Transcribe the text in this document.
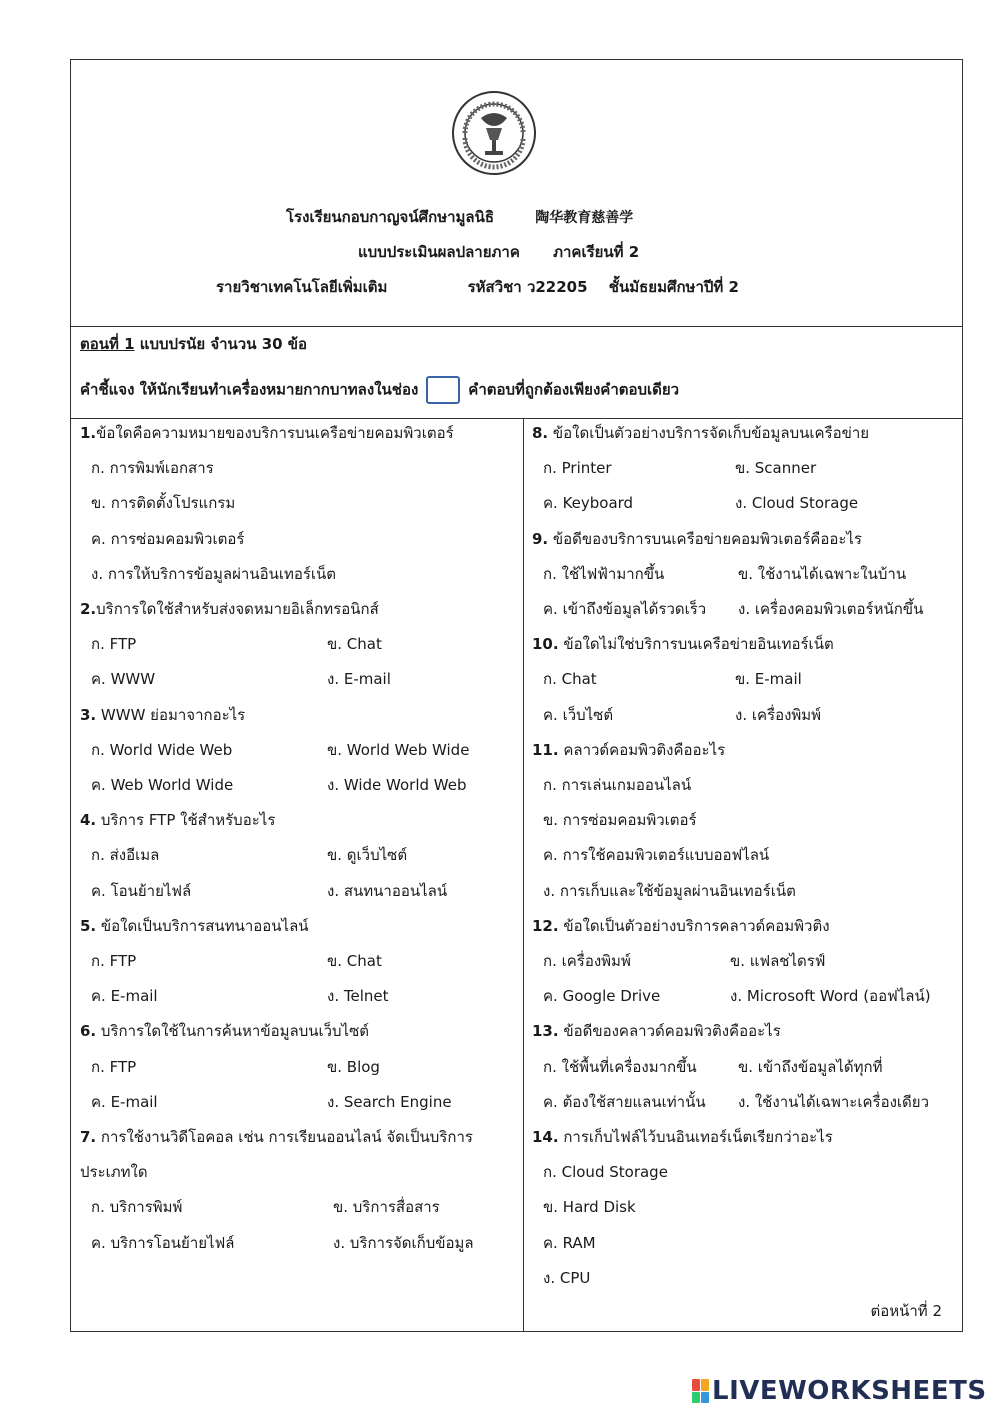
โรงเรียนกอบกาญจน์ศึกษามูลนิธิ	陶华教育慈善学
แบบประเมินผลปลายภาค ภาคเรียนที่ 2
รายวิชาเทคโนโลยีเพิ่มเติม	รหัสวิชา ว22205 ชั้นมัธยมศึกษาปีที่ 2
ตอนที่ 1 แบบปรนัย จำนวน 30 ข้อ
คำชี้แจง ให้นักเรียนทำเครื่องหมายกากบาทลงในช่อง	คำตอบที่ถูกต้องเพียงคำตอบเดียว
1.ข้อใดคือความหมายของบริการบนเครือข่ายคอมพิวเตอร์
ก. การพิมพ์เอกสาร
ข. การติดตั้งโปรแกรม
ค. การซ่อมคอมพิวเตอร์
ง. การให้บริการข้อมูลผ่านอินเทอร์เน็ต
2.บริการใดใช้สำหรับส่งจดหมายอิเล็กทรอนิกส์
ก. FTP	ข. Chat
ค. WWW	ง. E-mail
3. WWW ย่อมาจากอะไร
ก. World Wide Web	ข. World Web Wide
ค. Web World Wide	ง. Wide World Web
4. บริการ FTP ใช้สำหรับอะไร
ก. ส่งอีเมล	ข. ดูเว็บไซต์
ค. โอนย้ายไฟล์	ง. สนทนาออนไลน์
5. ข้อใดเป็นบริการสนทนาออนไลน์
ก. FTP	ข. Chat
ค. E-mail	ง. Telnet
6. บริการใดใช้ในการค้นหาข้อมูลบนเว็บไซต์
ก. FTP	ข. Blog
ค. E-mail	ง. Search Engine
7. การใช้งานวิดีโอคอล เช่น การเรียนออนไลน์ จัดเป็นบริการ
ประเภทใด
ก. บริการพิมพ์	ข. บริการสื่อสาร
ค. บริการโอนย้ายไฟล์	ง. บริการจัดเก็บข้อมูล
ต่อหน้าที่ 2
8. ข้อใดเป็นตัวอย่างบริการจัดเก็บข้อมูลบนเครือข่าย
ก. Printer	ข. Scanner
ค. Keyboard	ง. Cloud Storage
9. ข้อดีของบริการบนเครือข่ายคอมพิวเตอร์คืออะไร
ก. ใช้ไฟฟ้ามากขึ้น	ข. ใช้งานได้เฉพาะในบ้าน
ค. เข้าถึงข้อมูลได้รวดเร็ว ง. เครื่องคอมพิวเตอร์หนักขึ้น
10. ข้อใดไม่ใช่บริการบนเครือข่ายอินเทอร์เน็ต
ก. Chat	ข. E-mail
ค. เว็บไซต์	ง. เครื่องพิมพ์
11. คลาวด์คอมพิวติงคืออะไร
ก. การเล่นเกมออนไลน์
ข. การซ่อมคอมพิวเตอร์
ค. การใช้คอมพิวเตอร์แบบออฟไลน์
ง. การเก็บและใช้ข้อมูลผ่านอินเทอร์เน็ต
12. ข้อใดเป็นตัวอย่างบริการคลาวด์คอมพิวติง
ก. เครื่องพิมพ์	ข. แฟลชไดรฟ์
ค. Google Drive	ง. Microsoft Word (ออฟไลน์)
13. ข้อดีของคลาวด์คอมพิวติงคืออะไร
ก. ใช้พื้นที่เครื่องมากขึ้น	ข. เข้าถึงข้อมูลได้ทุกที่
ค. ต้องใช้สายแลนเท่านั้น ง. ใช้งานได้เฉพาะเครื่องเดียว
14. การเก็บไฟล์ไว้บนอินเทอร์เน็ตเรียกว่าอะไร
ก. Cloud Storage
ข. Hard Disk
ค. RAM
ง. CPU
LIVEWORKSHEETS
